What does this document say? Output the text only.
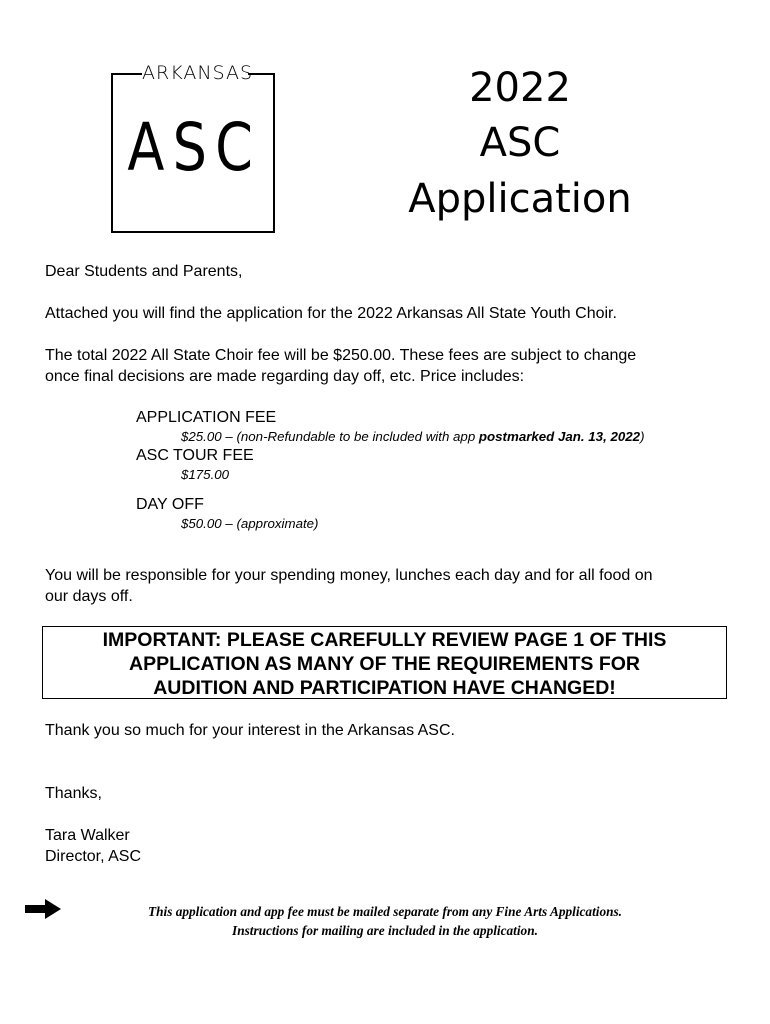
ARKANSAS
ASC
2022
ASC
Application
Dear Students and Parents,
Attached you will find the application for the 2022 Arkansas All State Youth Choir.
The total 2022 All State Choir fee will be $250.00. These fees are subject to change
once final decisions are made regarding day off, etc. Price includes:
APPLICATION FEE
$25.00 – (non-Refundable to be included with app postmarked Jan. 13, 2022)
ASC TOUR FEE
$175.00
DAY OFF
$50.00 – (approximate)
You will be responsible for your spending money, lunches each day and for all food on
our days off.
IMPORTANT: PLEASE CAREFULLY REVIEW PAGE 1 OF THIS
APPLICATION AS MANY OF THE REQUIREMENTS FOR
AUDITION AND PARTICIPATION HAVE CHANGED!
Thank you so much for your interest in the Arkansas ASC.
Thanks,
Tara Walker
Director, ASC
This application and app fee must be mailed separate from any Fine Arts Applications.
Instructions for mailing are included in the application.
